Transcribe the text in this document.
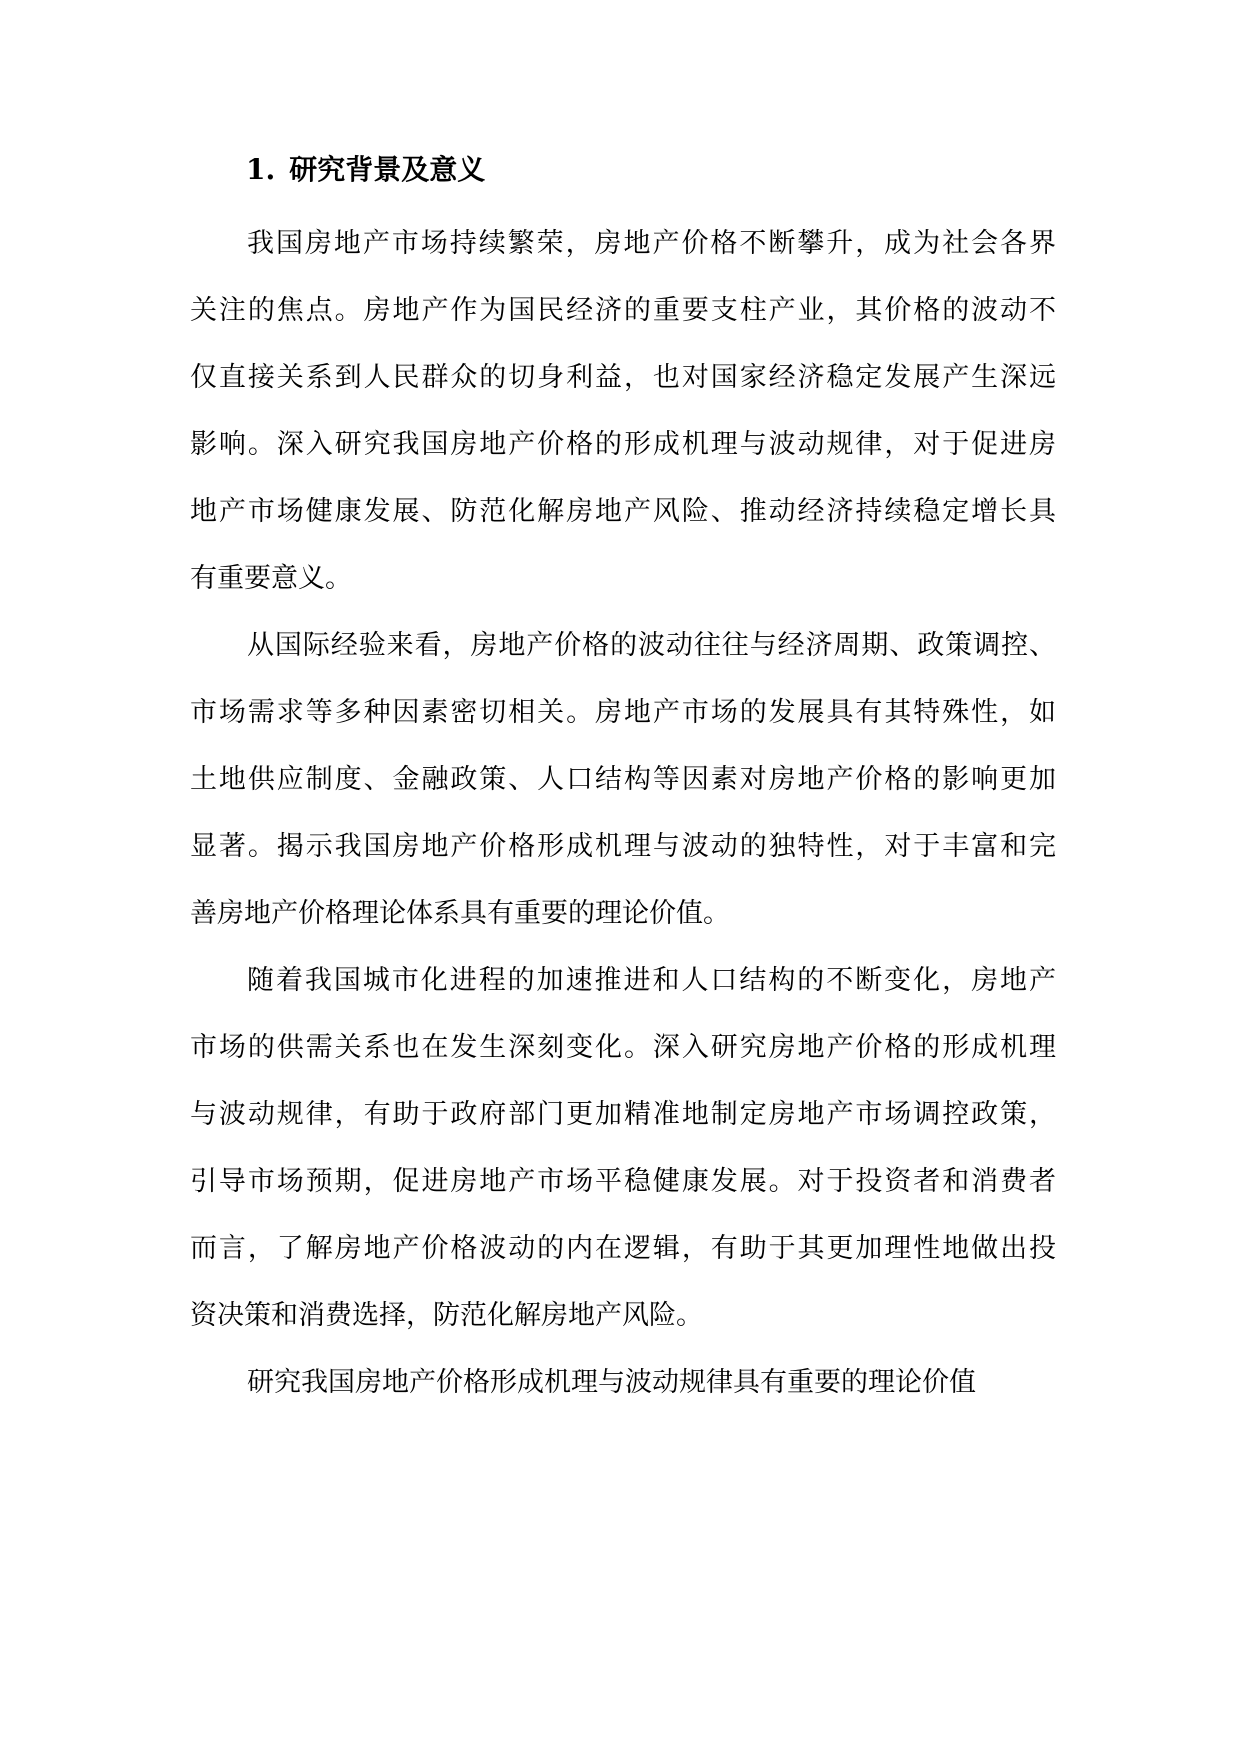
1. 研究背景及意义
我国房地产市场持续繁荣，房地产价格不断攀升，成为社会各界
关注的焦点。房地产作为国民经济的重要支柱产业，其价格的波动不
仅直接关系到人民群众的切身利益，也对国家经济稳定发展产生深远
影响。深入研究我国房地产价格的形成机理与波动规律，对于促进房
地产市场健康发展、防范化解房地产风险、推动经济持续稳定增长具
有重要意义。
从国际经验来看，房地产价格的波动往往与经济周期、政策调控、
市场需求等多种因素密切相关。房地产市场的发展具有其特殊性，如
土地供应制度、金融政策、人口结构等因素对房地产价格的影响更加
显著。揭示我国房地产价格形成机理与波动的独特性，对于丰富和完
善房地产价格理论体系具有重要的理论价值。
随着我国城市化进程的加速推进和人口结构的不断变化，房地产
市场的供需关系也在发生深刻变化。深入研究房地产价格的形成机理
与波动规律，有助于政府部门更加精准地制定房地产市场调控政策，
引导市场预期，促进房地产市场平稳健康发展。对于投资者和消费者
而言，了解房地产价格波动的内在逻辑，有助于其更加理性地做出投
资决策和消费选择，防范化解房地产风险。
研究我国房地产价格形成机理与波动规律具有重要的理论价值
